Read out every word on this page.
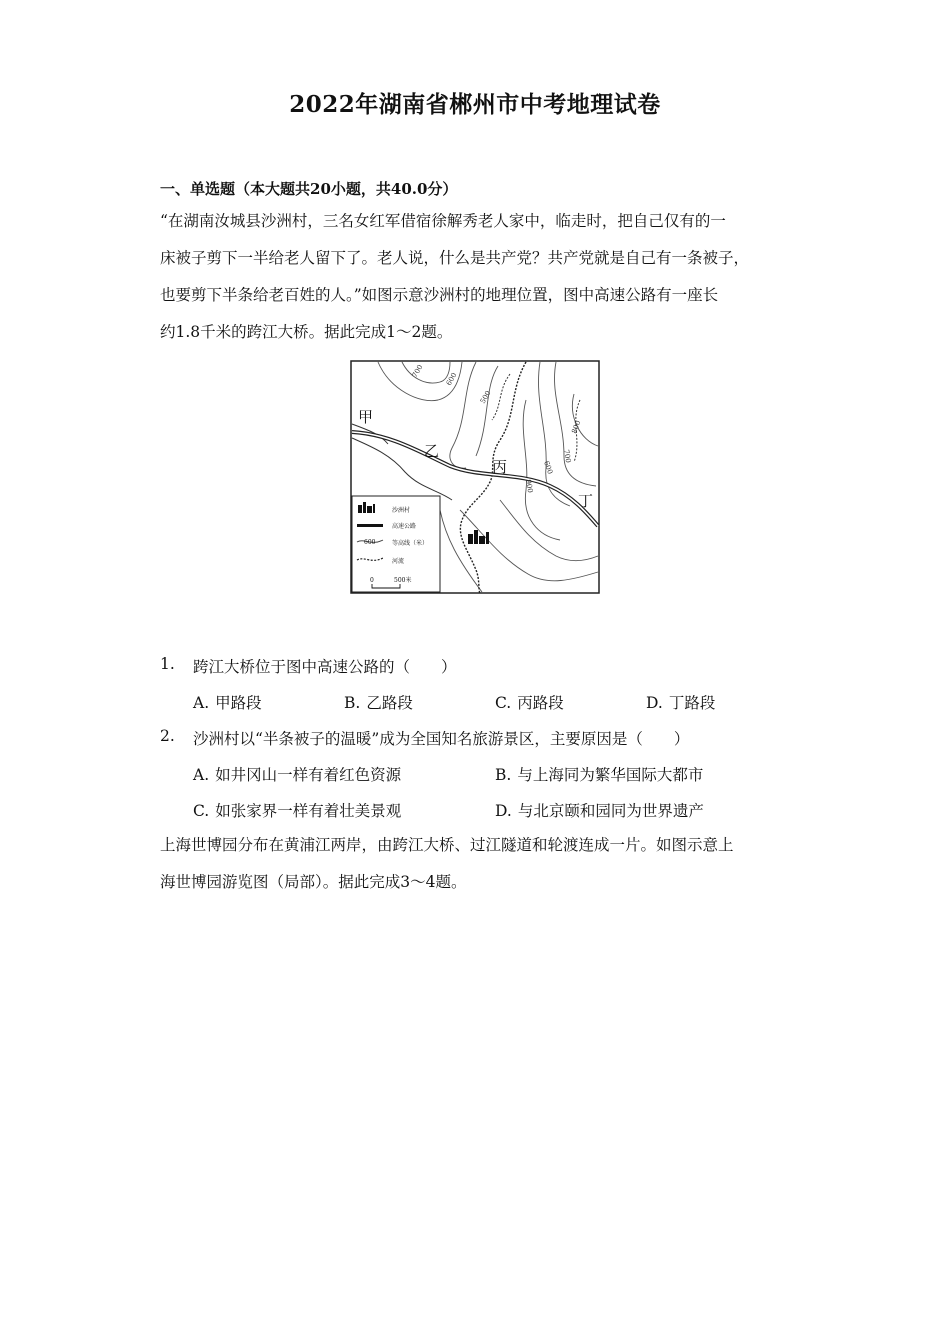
2022年湖南省郴州市中考地理试卷
一、单选题（本大题共20小题，共40.0分）

“在湖南汝城县沙洲村，三名女红军借宿徐解秀老人家中，临走时，把自己仅有的一

床被子剪下一半给老人留下了。老人说，什么是共产党？共产党就是自己有一条被子，

也要剪下半条给老百姓的人。”如图示意沙洲村的地理位置，图中高速公路有一座长

约1.8千米的跨江大桥。据此完成1～2题。

700
600
500
600
800
700
900
甲
乙
丙
丁
沙洲村
高速公路
600	等高线（米）
河流
0	500米
1. 跨江大桥位于图中高速公路的（　　）
A. 甲路段	B. 乙路段	C. 丙路段	D. 丁路段
2. 沙洲村以“半条被子的温暖”成为全国知名旅游景区，主要原因是（　　）
A. 如井冈山一样有着红色资源	B. 与上海同为繁华国际大都市
C. 如张家界一样有着壮美景观	D. 与北京颐和园同为世界遗产

上海世博园分布在黄浦江两岸，由跨江大桥、过江隧道和轮渡连成一片。如图示意上

海世博园游览图（局部）。据此完成3～4题。
